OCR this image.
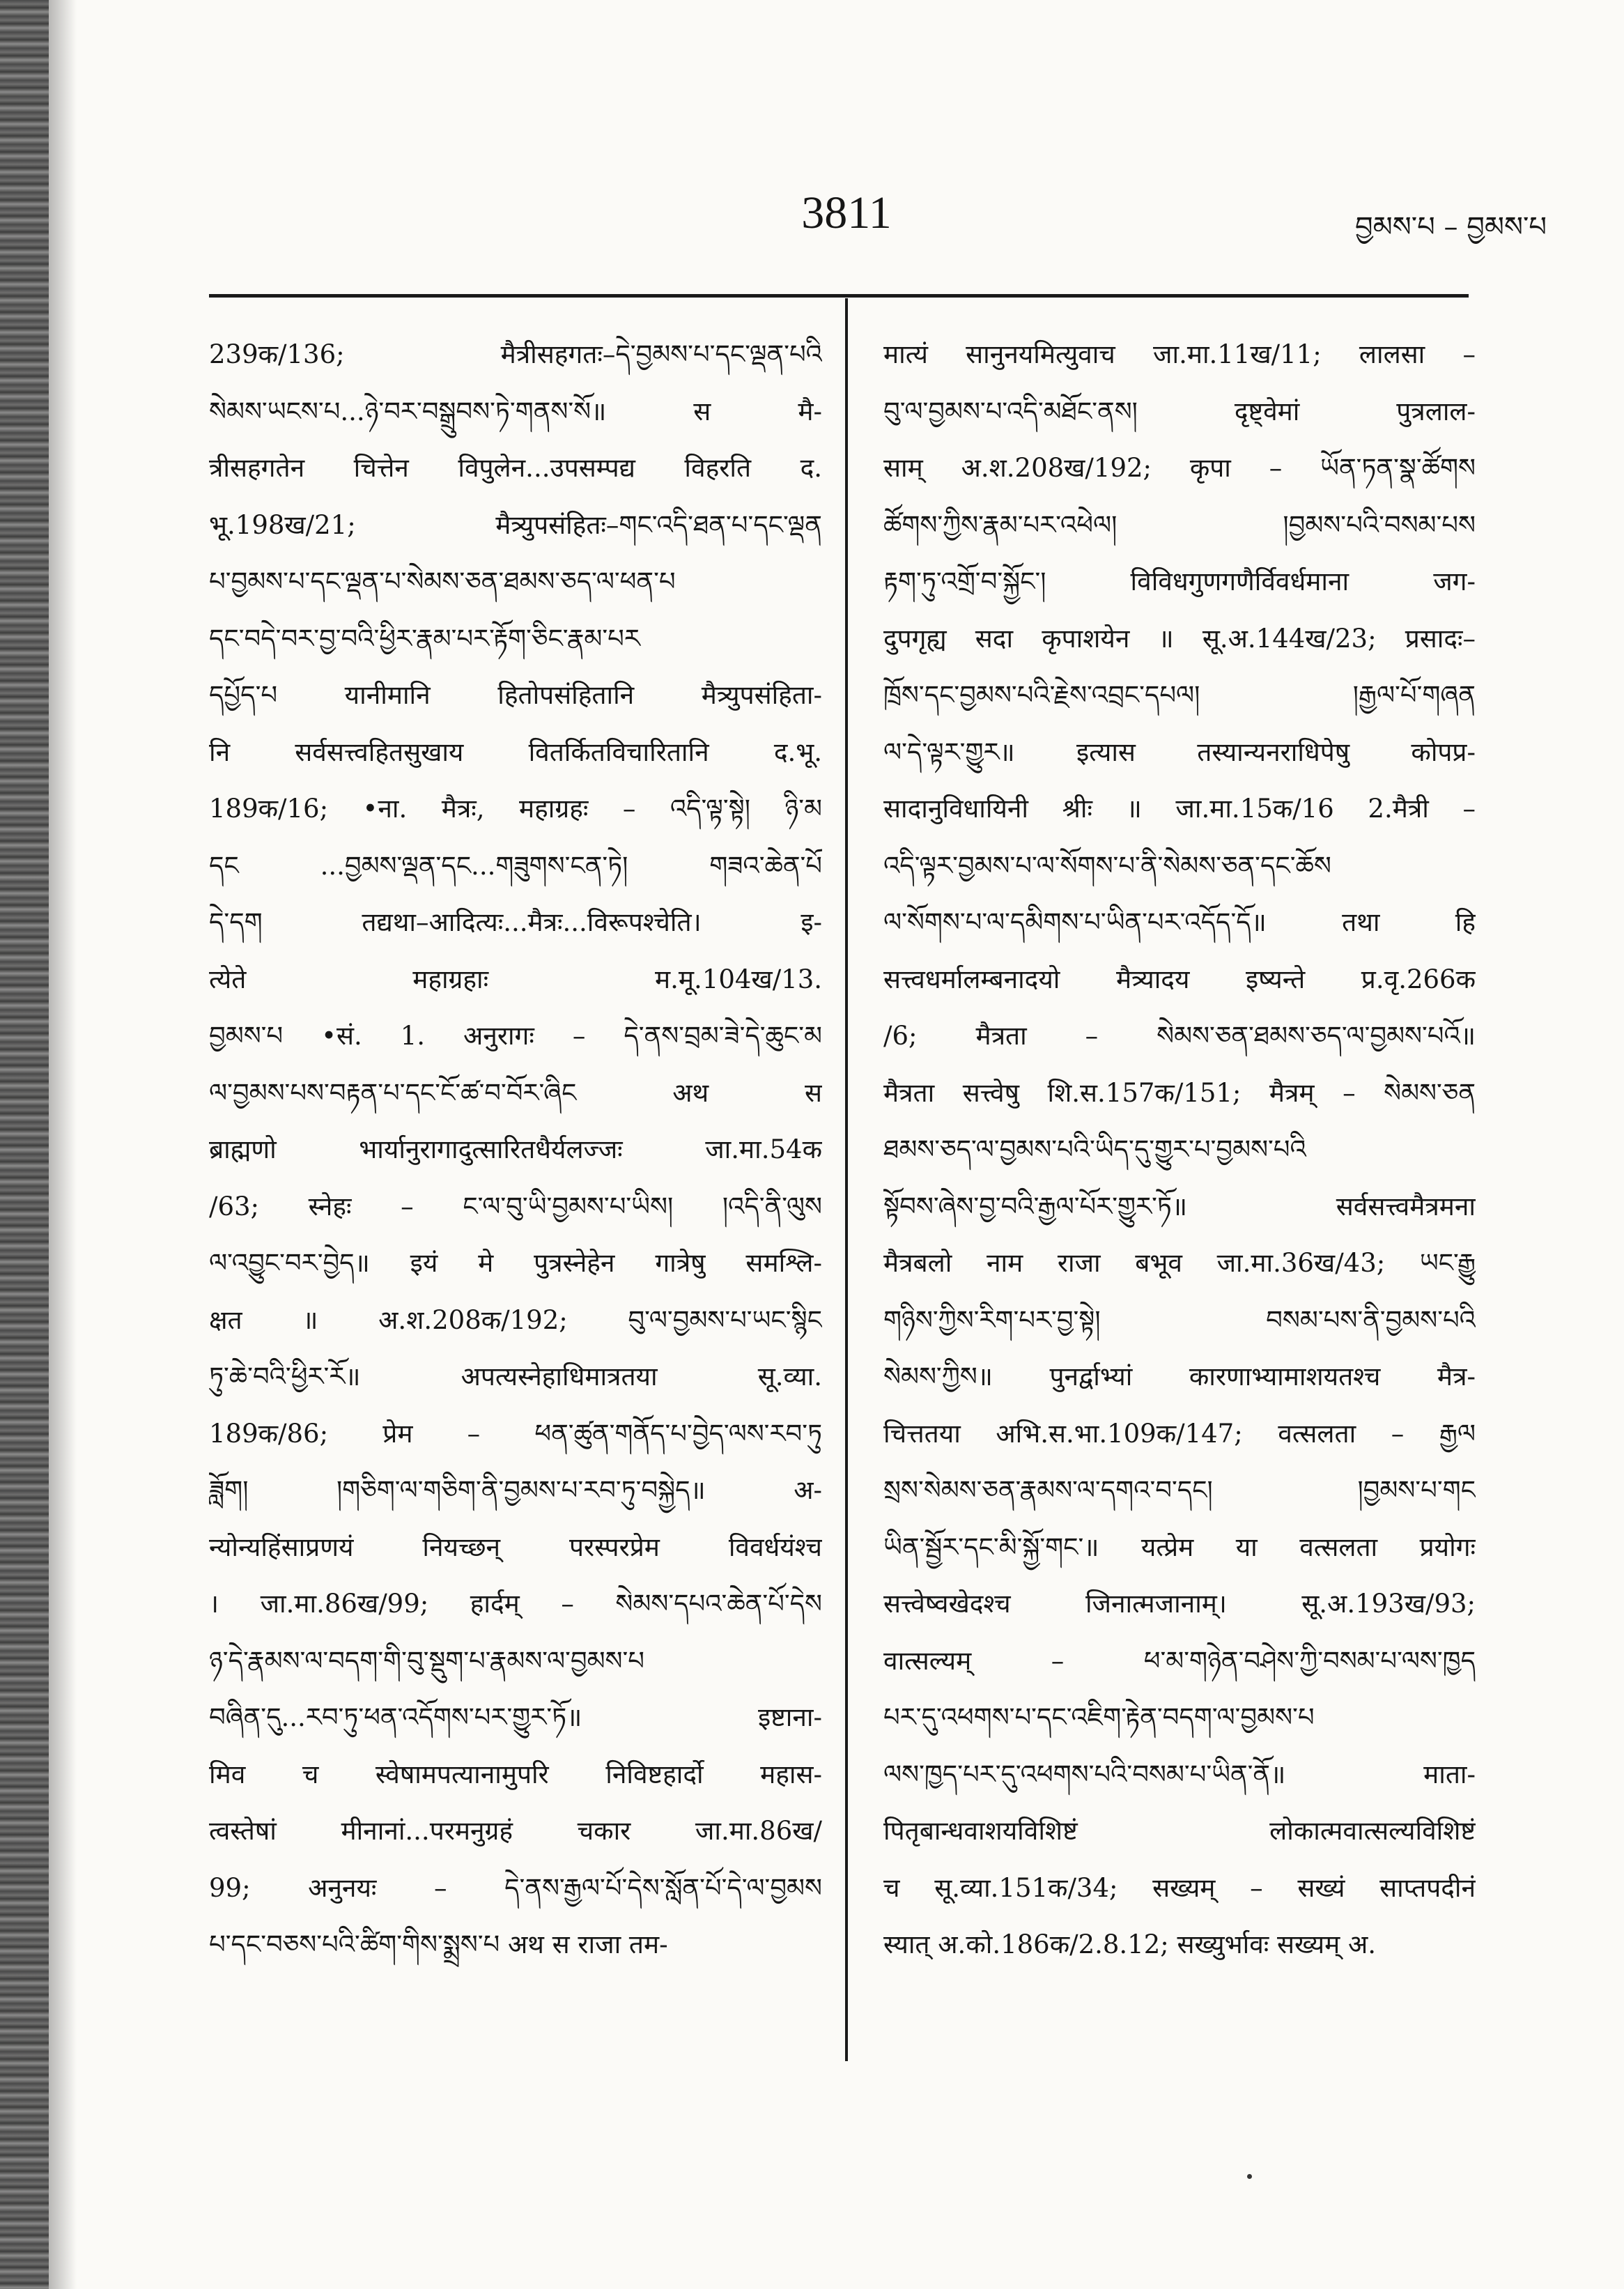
3811	བྱམས་པ – བྱམས་པ
239क/136; मैत्रीसहगतः–དེ་བྱམས་པ་དང་ལྡན་པའི
སེམས་ཡངས་པ...ཉེ་བར་བསྒྲུབས་ཏེ་གནས་སོ॥ स मै-
त्रीसहगतेन चित्तेन विपुलेन...उपसम्पद्य विहरति द.
भू.198ख/21; मैत्र्युपसंहितः–གང་འདི་ཐན་པ་དང་ལྡན
པ་བྱམས་པ་དང་ལྡན་པ་སེམས་ཅན་ཐམས་ཅད་ལ་ཕན་པ
དང་བདེ་བར་བྱ་བའི་ཕྱིར་རྣམ་པར་རྟོག་ཅིང་རྣམ་པར
དཔྱོད་པ यानीमानि हितोपसंहितानि मैत्र्युपसंहिता-
नि सर्वसत्त्वहितसुखाय वितर्कितविचारितानि द.भू.
189क/16; •ना. मैत्रः, महाग्रहः – འདི་ལྟ་སྟེ། ཉི་མ
དང ...བྱམས་ལྡན་དང...གཟུགས་ངན་ཏེ། གཟའ་ཆེན་པོ
དེ་དག तद्यथा–आदित्यः...मैत्रः...विरूपश्चेति। इ-
त्येते महाग्रहाः म.मू.104ख/13.
བྱམས་པ •सं. 1. अनुरागः – དེ་ནས་བྲམ་ཟེ་དེ་ཆུང་མ
ལ་བྱམས་པས་བརྟན་པ་དང་ངོ་ཚ་བ་བོར་ཞིང अथ स
ब्राह्मणो भार्यानुरागादुत्सारितधैर्यलज्जः जा.मा.54क
/63; स्नेहः – ང་ལ་བུ་ཡི་བྱམས་པ་ཡིས། །འདི་ནི་ལུས
ལ་འབྱུང་བར་བྱེད॥ इयं मे पुत्रस्नेहेन गात्रेषु समश्लि-
क्षत ॥ अ.श.208क/192; བུ་ལ་བྱམས་པ་ཡང་སྙིང
ཏུ་ཆེ་བའི་ཕྱིར་རོ॥ अपत्यस्नेहाधिमात्रतया सू.व्या.
189क/86; प्रेम – ཕན་ཚུན་གནོད་པ་བྱེད་ལས་རབ་ཏུ
ཟློག། །གཅིག་ལ་གཅིག་ནི་བྱམས་པ་རབ་ཏུ་བསྐྱེད॥ अ-
न्योन्यहिंसाप्रणयं नियच्छन् परस्परप्रेम विवर्धयंश्च
। जा.मा.86ख/99; हार्दम् – སེམས་དཔའ་ཆེན་པོ་དེས
ཉ་དེ་རྣམས་ལ་བདག་གི་བུ་སྡུག་པ་རྣམས་ལ་བྱམས་པ
བཞིན་དུ...རབ་ཏུ་ཕན་འདོགས་པར་གྱུར་ཏོ॥ इष्टाना-
मिव च स्वेषामपत्यानामुपरि निविष्टहार्दो महास-
त्वस्तेषां मीनानां...परमनुग्रहं चकार जा.मा.86ख/
99; अनुनयः – དེ་ནས་རྒྱལ་པོ་དེས་སློན་པོ་དེ་ལ་བྱམས
པ་དང་བཅས་པའི་ཚིག་གིས་སྨྲས་པ अथ स राजा तम-
मात्यं सानुनयमित्युवाच जा.मा.11ख/11; लालसा –
བུ་ལ་བྱམས་པ་འདི་མཐོང་ནས། दृष्ट्वेमां पुत्रलाल-
साम् अ.श.208ख/192; कृपा – ཡོན་ཏན་སྣ་ཚོགས
ཚོགས་ཀྱིས་རྣམ་པར་འཕེལ། །བྱམས་པའི་བསམ་པས
རྟག་ཏུ་འགྲོ་བ་སྐྱོང༌། विविधगुणगणैर्विवर्धमाना जग-
दुपगृह्य सदा कृपाशयेन ॥ सू.अ.144ख/23; प्रसादः–
ཁྲོས་དང་བྱམས་པའི་རྗེས་འབྲང་དཔལ། །རྒྱལ་པོ་གཞན
ལ་དེ་ལྟར་གྱུར॥ इत्यास तस्यान्यनराधिपेषु कोपप्र-
सादानुविधायिनी श्रीः ॥ जा.मा.15क/16 2.मैत्री –
འདི་ལྟར་བྱམས་པ་ལ་སོགས་པ་ནི་སེམས་ཅན་དང་ཆོས
ལ་སོགས་པ་ལ་དམིགས་པ་ཡིན་པར་འདོད་དོ॥ तथा हि
सत्त्वधर्मालम्बनादयो मैत्र्यादय इष्यन्ते प्र.वृ.266क
/6; मैत्रता – སེམས་ཅན་ཐམས་ཅད་ལ་བྱམས་པའོ॥
मैत्रता सत्त्वेषु शि.स.157क/151; मैत्रम् – སེམས་ཅན
ཐམས་ཅད་ལ་བྱམས་པའི་ཡིད་དུ་གྱུར་པ་བྱམས་པའི
སྟོབས་ཞེས་བྱ་བའི་རྒྱལ་པོར་གྱུར་ཏོ॥ सर्वसत्त्वमैत्रमना
मैत्रबलो नाम राजा बभूव जा.मा.36ख/43; ཡང་རྒྱུ
གཉིས་ཀྱིས་རིག་པར་བྱ་སྟེ། བསམ་པས་ནི་བྱམས་པའི
སེམས་ཀྱིས॥ पुनर्द्वाभ्यां कारणाभ्यामाशयतश्च मैत्र-
चित्ततया अभि.स.भा.109क/147; वत्सलता – རྒྱལ
སྲས་སེམས་ཅན་རྣམས་ལ་དགའ་བ་དང། །བྱམས་པ་གང
ཡིན་སྦྱོར་དང་མི་སྐྱོ་གང༌॥ यत्प्रेम या वत्सलता प्रयोगः
सत्त्वेष्वखेदश्च जिनात्मजानाम्। सू.अ.193ख/93;
वात्सल्यम् – ཕ་མ་གཉེན་བཤེས་ཀྱི་བསམ་པ་ལས་ཁྱད
པར་དུ་འཕགས་པ་དང་འཇིག་རྟེན་བདག་ལ་བྱམས་པ
ལས་ཁྱད་པར་དུ་འཕགས་པའི་བསམ་པ་ཡིན་ནོ॥ माता-
पितृबान्धवाशयविशिष्टं लोकात्मवात्सल्यविशिष्टं
च सू.व्या.151क/34; सख्यम् – सख्यं साप्तपदीनं
स्यात् अ.को.186क/2.8.12; सख्युर्भावः सख्यम् अ.
